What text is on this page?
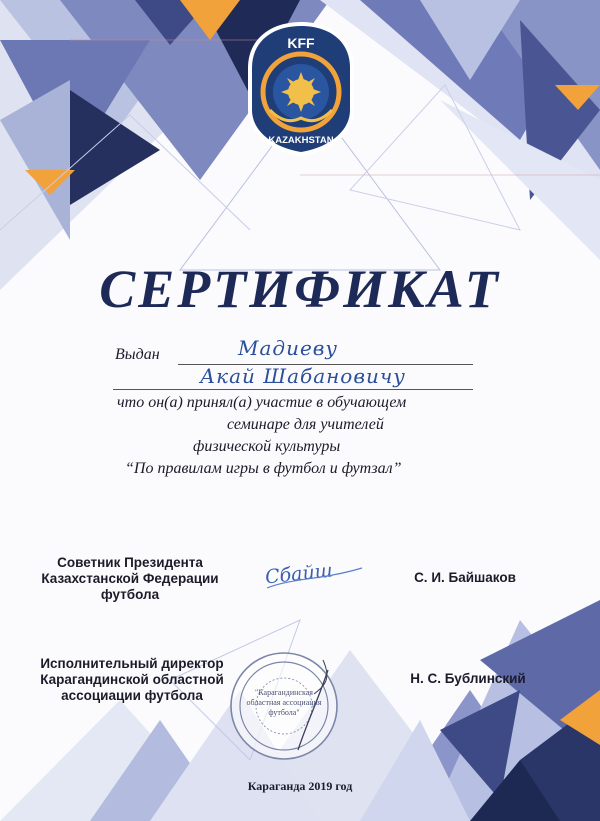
KFF
KAZAKHSTAN
СЕРТИФИКАТ
Выдан	Мадиеву
Акай Шабановичу
что он(а) принял(а) участие в обучающем
семинаре для учителей
физической культуры
“По правилам игры в футбол и футзал”
Советник Президента
Казахстанской Федерации
футбола
Сбайш	С. И. Байшаков
Исполнительный директор
Карагандинской областной
ассоциации футбола	"Карагандинская
областная ассоциация
футбола"
Н. С. Бублинский
Караганда 2019 год
